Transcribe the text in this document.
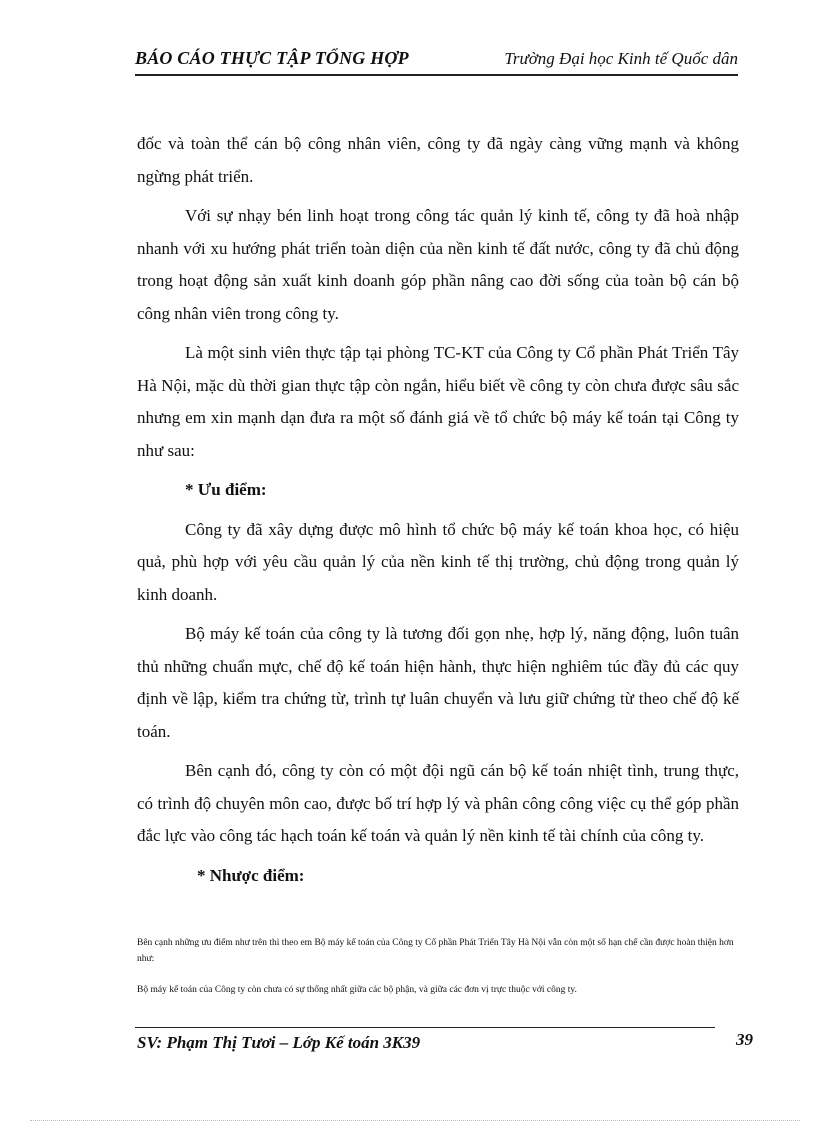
BÁO CÁO THỰC TẬP TỔNG HỢP	Trường Đại học Kinh tế Quốc dân

đốc và toàn thể cán bộ công nhân viên, công ty đã ngày càng vững mạnh và không ngừng phát triển.

Với sự nhạy bén linh hoạt trong công tác quản lý kinh tế, công ty đã hoà nhập nhanh với xu hướng phát triển toàn diện của nền kinh tế đất nước, công ty đã chủ động trong hoạt động sản xuất kinh doanh góp phần nâng cao đời sống của toàn bộ cán bộ công nhân viên trong công ty.

Là một sinh viên thực tập tại phòng TC-KT của Công ty Cổ phần Phát Triển Tây Hà Nội, mặc dù thời gian thực tập còn ngắn, hiểu biết về công ty còn chưa được sâu sắc nhưng em xin mạnh dạn đưa ra một số đánh giá về tổ chức bộ máy kế toán tại Công ty như sau:

* Ưu điểm:

Công ty đã xây dựng được mô hình tổ chức bộ máy kế toán khoa học, có hiệu quả, phù hợp với yêu cầu quản lý của nền kinh tế thị trường, chủ động trong quản lý kinh doanh.

Bộ máy kế toán của công ty là tương đối gọn nhẹ, hợp lý, năng động, luôn tuân thủ những chuẩn mực, chế độ kế toán hiện hành, thực hiện nghiêm túc đầy đủ các quy định về lập, kiểm tra chứng từ, trình tự luân chuyển và lưu giữ chứng từ theo chế độ kế toán.

Bên cạnh đó, công ty còn có một đội ngũ cán bộ kế toán nhiệt tình, trung thực, có trình độ chuyên môn cao, được bố trí hợp lý và phân công công việc cụ thể góp phần đắc lực vào công tác hạch toán kế toán và quản lý nền kinh tế tài chính của công ty.

* Nhược điểm:

Bên cạnh những ưu điểm như trên thì theo em Bộ máy kế toán của Công ty Cổ phần Phát Triển Tây Hà Nội vẫn còn một số hạn chế cần được hoàn thiện hơn như:
Bộ máy kế toán của Công ty còn chưa có sự thống nhất giữa các bộ phận, và giữa các đơn vị trực thuộc với công ty.
SV: Phạm Thị Tươi – Lớp Kế toán 3K39	39
